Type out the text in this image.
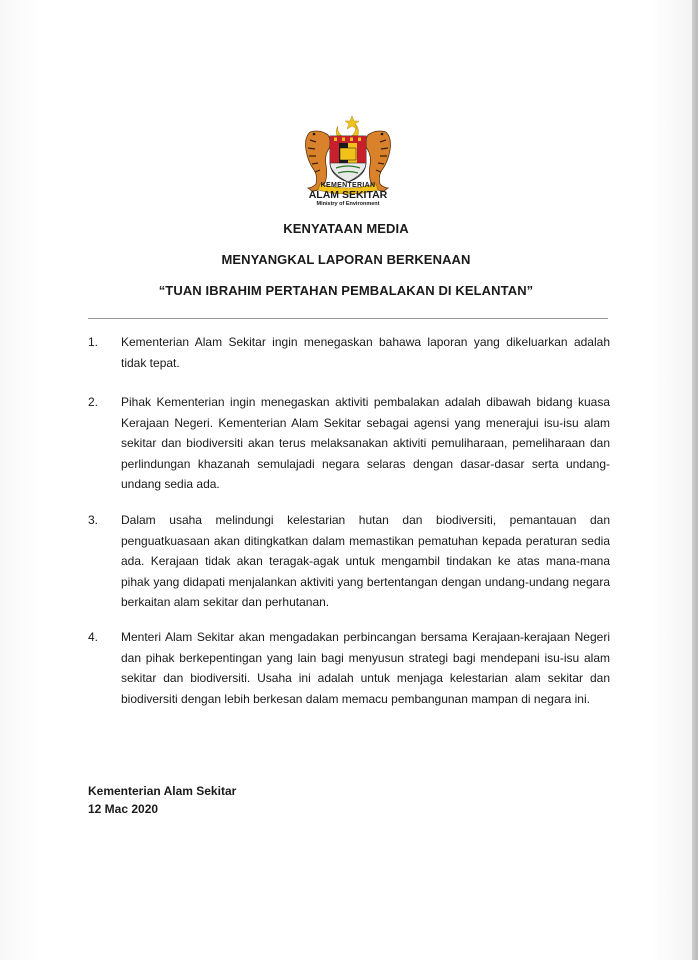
KEMENTERIAN
ALAM SEKITAR
Ministry of Environment
KENYATAAN MEDIA
MENYANGKAL LAPORAN BERKENAAN
“TUAN IBRAHIM PERTAHAN PEMBALAKAN DI KELANTAN”
1.	Kementerian Alam Sekitar ingin menegaskan bahawa laporan yang dikeluarkan adalah tidak tepat.
2.	Pihak Kementerian ingin menegaskan aktiviti pembalakan adalah dibawah bidang kuasa Kerajaan Negeri. Kementerian Alam Sekitar sebagai agensi yang menerajui isu-isu alam sekitar dan biodiversiti akan terus melaksanakan aktiviti pemuliharaan, pemeliharaan dan perlindungan khazanah semulajadi negara selaras dengan dasar-dasar serta undang-undang sedia ada.
3.	Dalam usaha melindungi kelestarian hutan dan biodiversiti, pemantauan dan penguatkuasaan akan ditingkatkan dalam memastikan pematuhan kepada peraturan sedia ada. Kerajaan tidak akan teragak-agak untuk mengambil tindakan ke atas mana-mana pihak yang didapati menjalankan aktiviti yang bertentangan dengan undang-undang negara berkaitan alam sekitar dan perhutanan.
4.	Menteri Alam Sekitar akan mengadakan perbincangan bersama Kerajaan-kerajaan Negeri dan pihak berkepentingan yang lain bagi menyusun strategi bagi mendepani isu-isu alam sekitar dan biodiversiti. Usaha ini adalah untuk menjaga kelestarian alam sekitar dan biodiversiti dengan lebih berkesan dalam memacu pembangunan mampan di negara ini.
Kementerian Alam Sekitar
12 Mac 2020
